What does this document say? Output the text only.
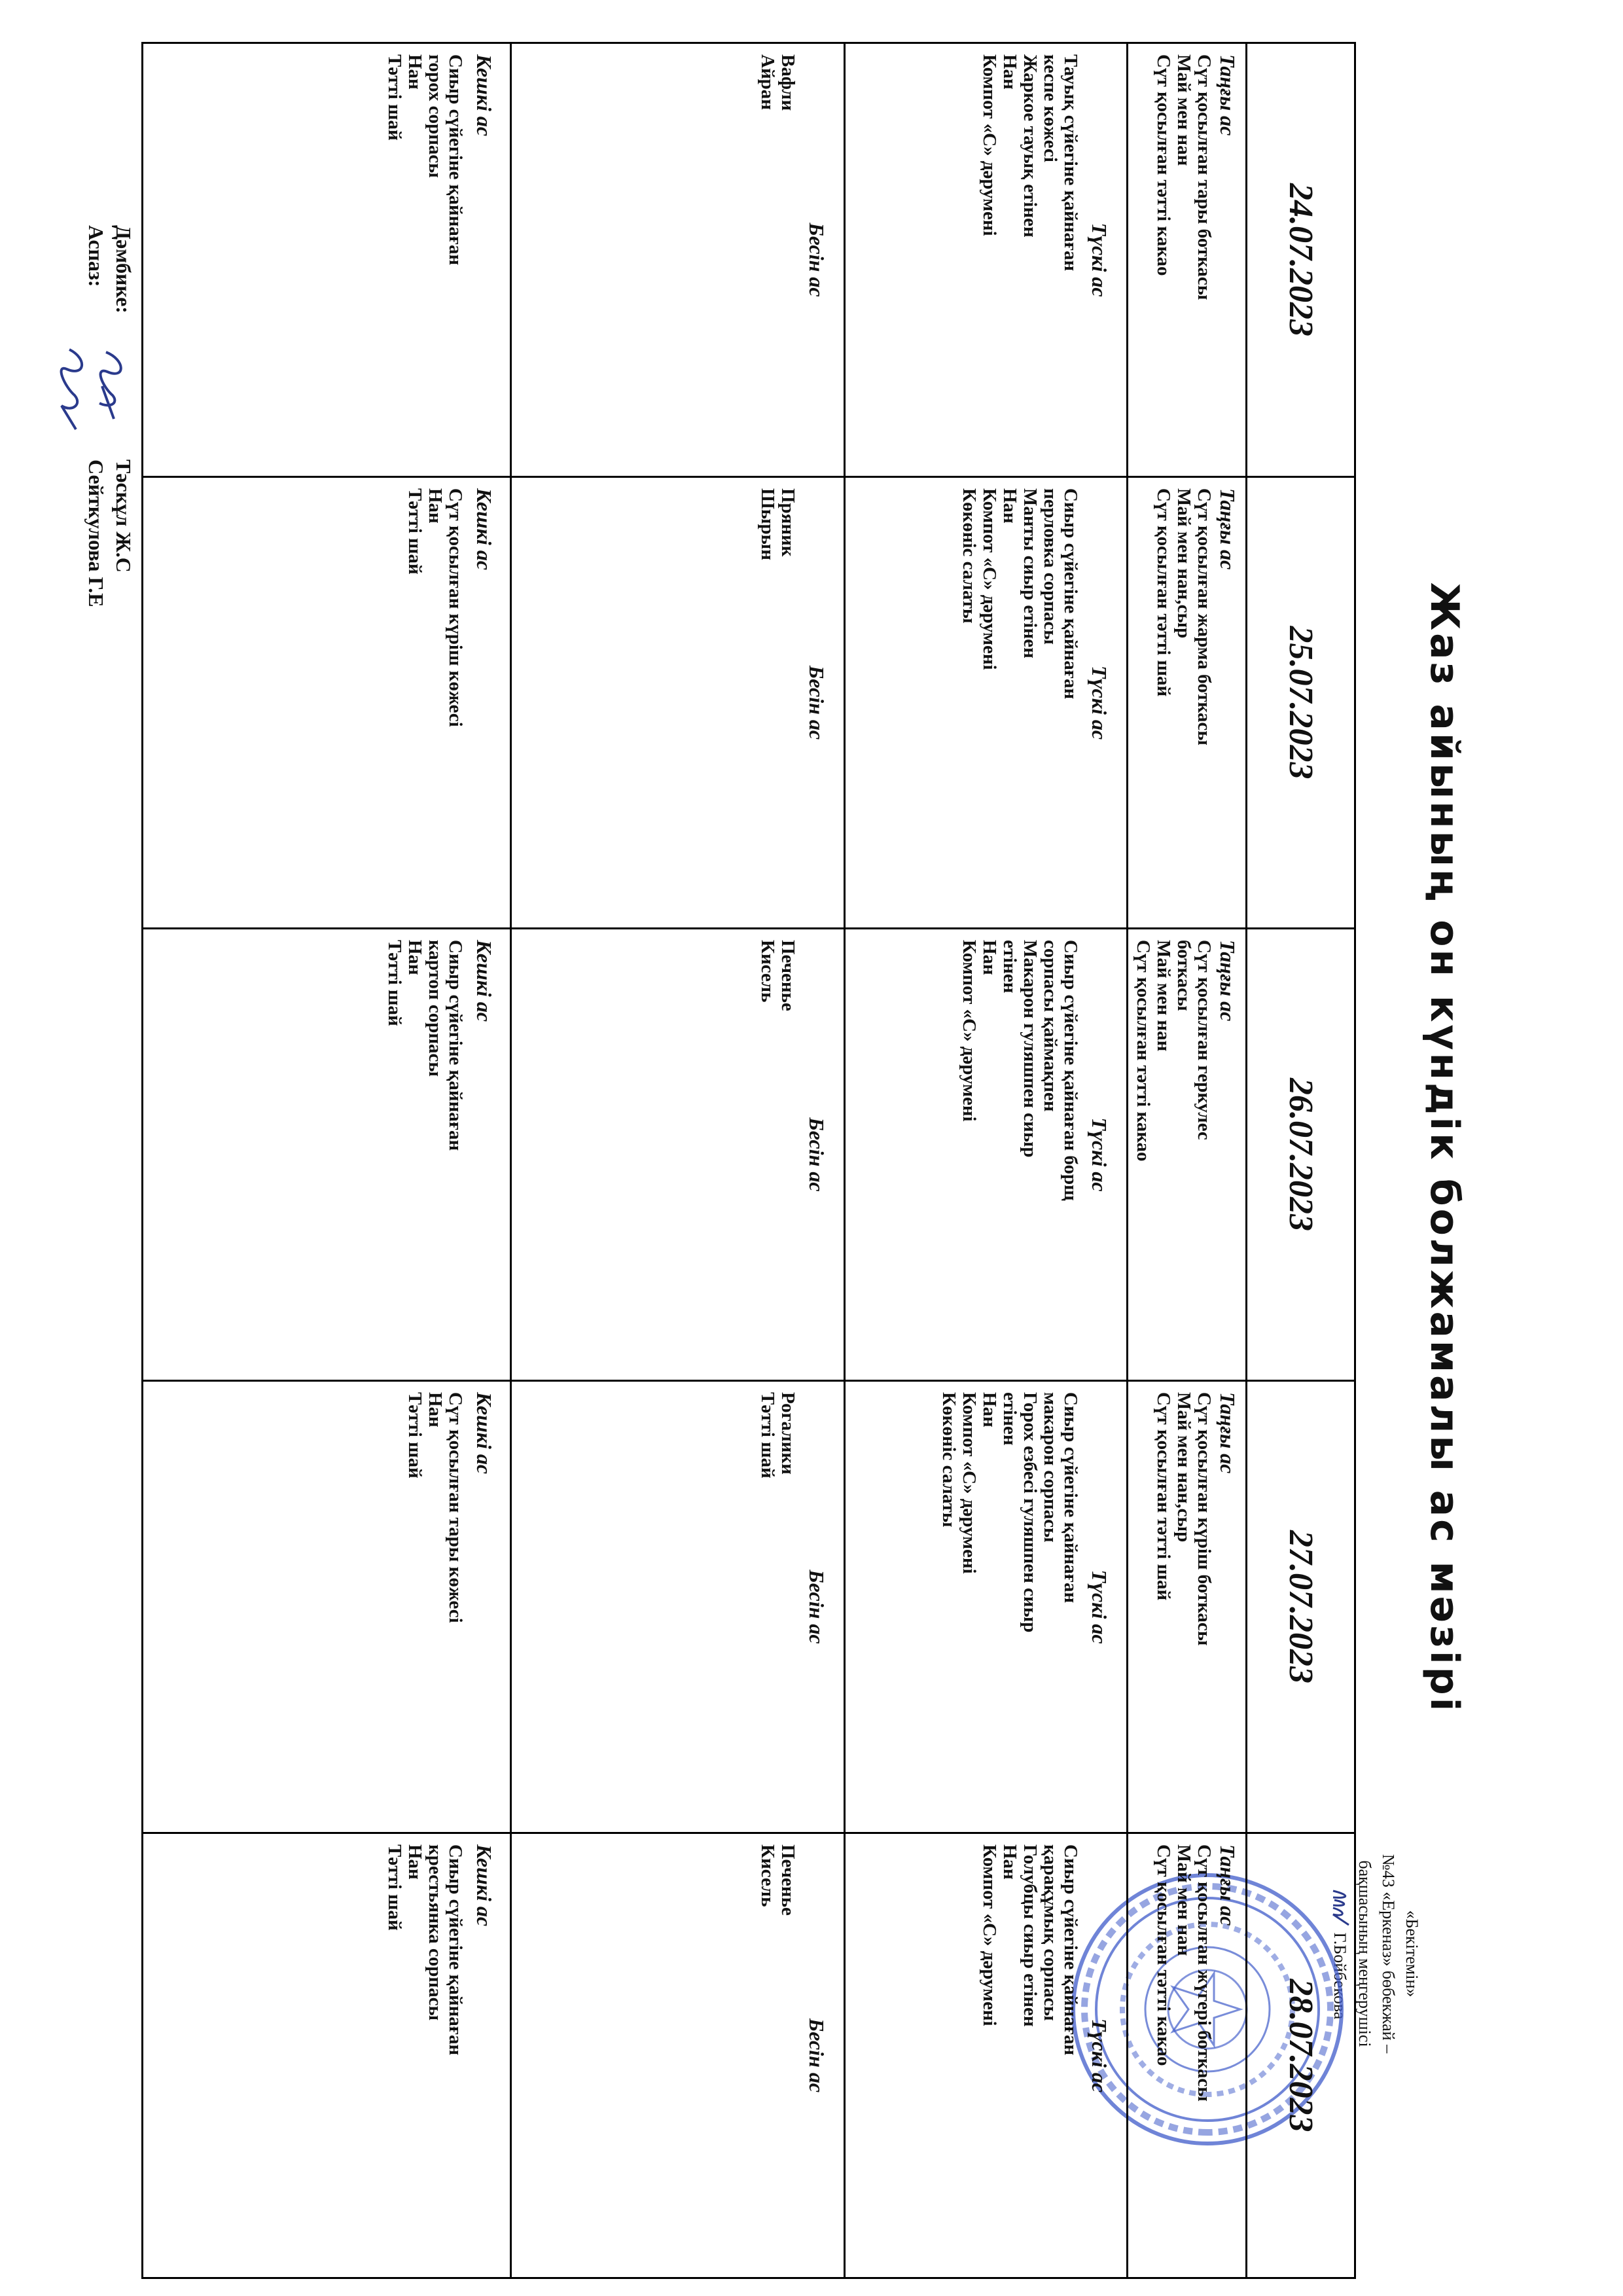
Жаз айының он күндік болжамалы ас мәзірі
«Бекітемін»
№43 «Еркеназ» бөбекжай –
бақшасының меңгерушісі
Г.Бойбекова
24.07.2023
Таңғы ас
Сүт қосылған тары боткасы
Май мен нан
Сүт қосылған тәтті какао
Түскі ас
Тауық сүйегіне қайнаған
кеспе көжесі
Жаркое тауық етінен
Нан
Компот «С» дәрумені
Бесін ас
Вафли
Айран
Кешкі ас
Сиыр сүйегіне қайнаған
горох сорпасы
Нан
Тәтті шай
25.07.2023
Таңғы ас
Сүт қосылған жарма боткасы
Май мен нан,сыр
Сүт қосылған тәтті шай
Түскі ас
Сиыр сүйегіне қайнаған
перловка сорпасы
Манты сиыр етінен
Нан
Компот «С» дәрумені
Көкөніс салаты
Бесін ас
Пряник
Шырын
Кешкі ас
Сүт қосылған күріш көжесі
Нан
Тәтті шай
26.07.2023
Таңғы ас
Сүт қосылған геркулес
боткасы
Май мен нан
Сүт қосылған тәтті какао
Түскі ас
Сиыр сүйегіне қайнаған борщ
сорпасы қаймақпен
Макарон гуляшпен сиыр
етінен
Нан
Компот «С» дәрумені
Бесін ас
Печенье
Кисель
Кешкі ас
Сиыр сүйегіне қайнаған
картоп сорпасы
Нан
Тәтті шай
27.07.2023
Таңғы ас
Сүт қосылған күріш боткасы
Май мен нан,сыр
Сүт қосылған тәтті шай
Түскі ас
Сиыр сүйегіне қайнаған
макарон сорпасы
Горох езбесі гуляшпен сиыр
етінен
Нан
Компот «С» дәрумені
Көкөніс салаты
Бесін ас
Рогалики
Тәтті шай
Кешкі ас
Сүт қосылған тары көжесі
Нан
Тәтті шай
28.07.2023
Таңғы ас
Сүт қосылған жүгері боткасы
Май мен нан
Сүт қосылған тәтті какао
Түскі ас
Сиыр сүйегіне қайнаған
қарақұмық сорпасы
Голубцы сиыр етінен
Нан
Компот «С» дәрумені
Бесін ас
Печенье
Кисель
Кешкі ас
Сиыр сүйегіне қайнаған
крестьянка сорпасы
Нан
Тәтті шай
Дәмбике:
Аспаз:
Тәскұл Ж.С
Сейткулова Г.Е
